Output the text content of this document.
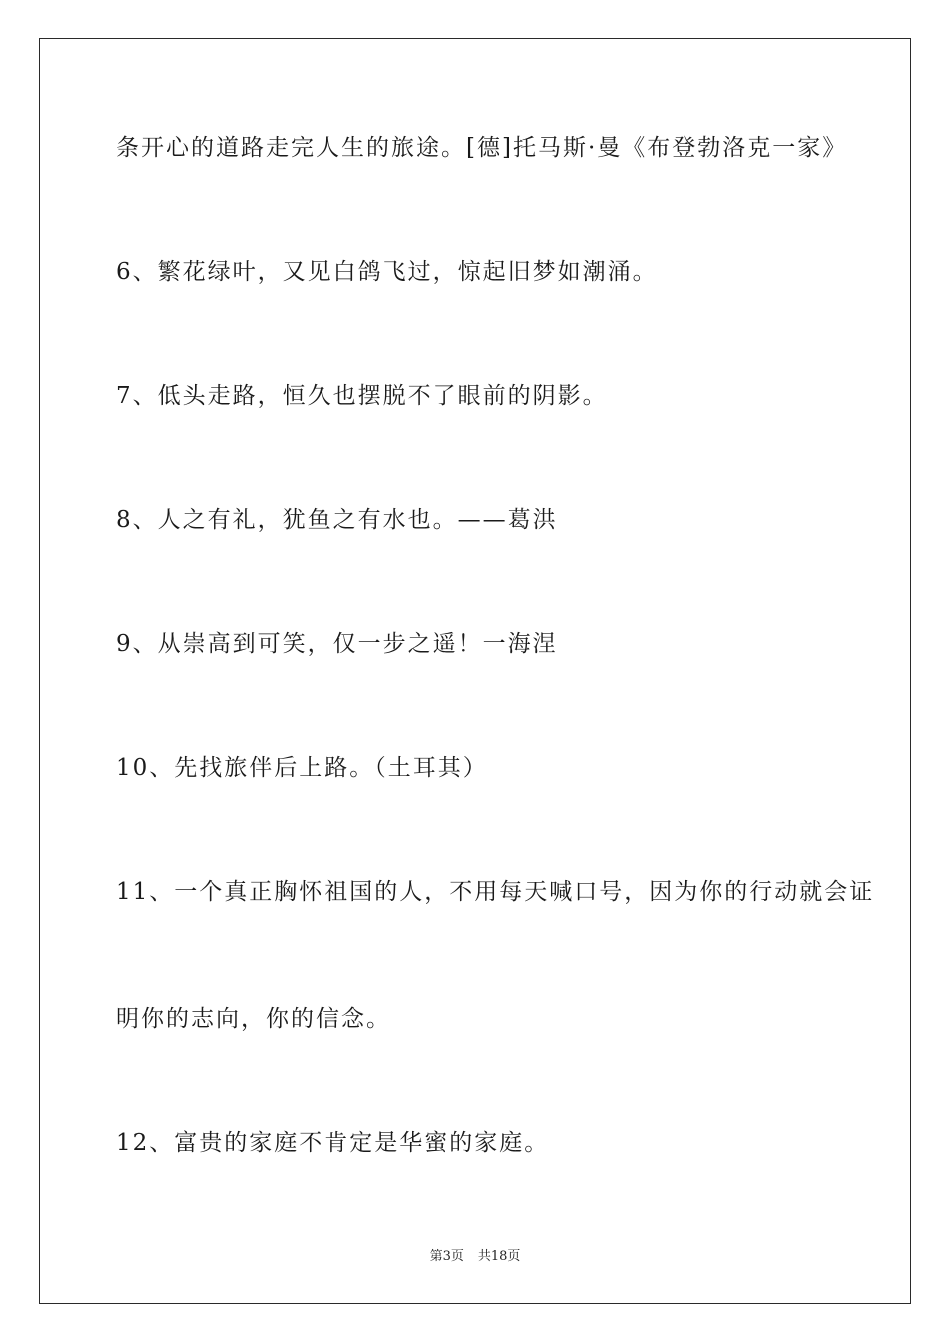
条开心的道路走完人生的旅途。[德]托马斯·曼《布登勃洛克一家》
6、繁花绿叶，又见白鸽飞过，惊起旧梦如潮涌。
7、低头走路，恒久也摆脱不了眼前的阴影。
8、人之有礼，犹鱼之有水也。——葛洪
9、从崇高到可笑，仅一步之遥！一海涅
10、先找旅伴后上路。（土耳其）
11、一个真正胸怀祖国的人，不用每天喊口号，因为你的行动就会证
明你的志向，你的信念。
12、富贵的家庭不肯定是华蜜的家庭。
第3页 共18页
